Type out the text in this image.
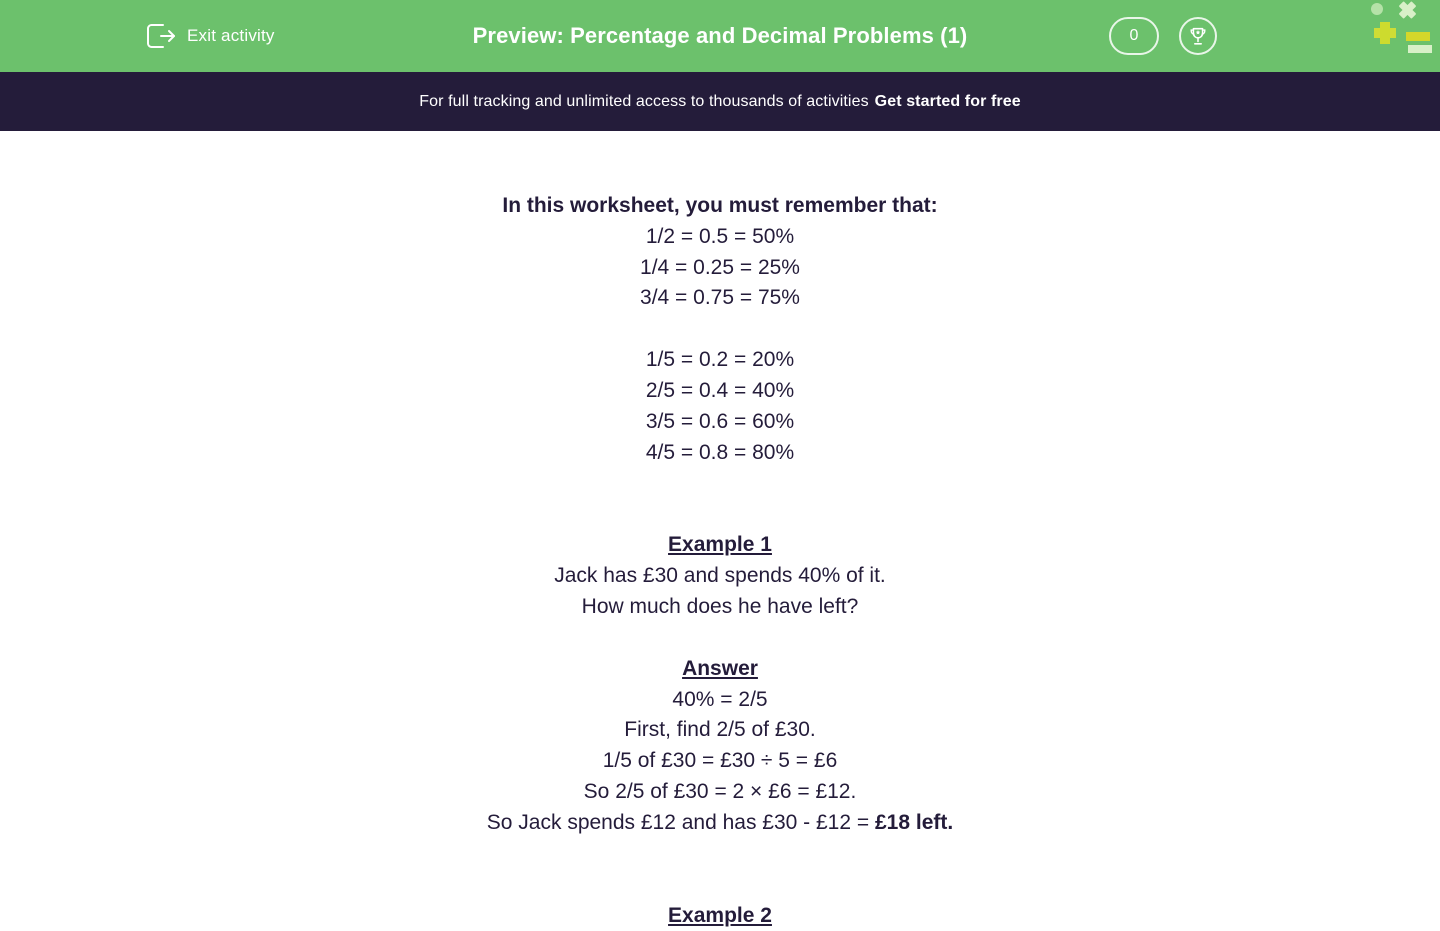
Exit activity	Preview: Percentage and Decimal Problems (1)	0
For full tracking and unlimited access to thousands of activities Get started for free
In this worksheet, you must remember that:
1/2 = 0.5 = 50%
1/4 = 0.25 = 25%
3/4 = 0.75 = 75%
1/5 = 0.2 = 20%
2/5 = 0.4 = 40%
3/5 = 0.6 = 60%
4/5 = 0.8 = 80%
Example 1
Jack has £30 and spends 40% of it.
How much does he have left?
Answer
40% = 2/5
First, find 2/5 of £30.
1/5 of £30 = £30 ÷ 5 = £6
So 2/5 of £30 = 2 × £6 = £12.
So Jack spends £12 and has £30 - £12 = £18 left.
Example 2
